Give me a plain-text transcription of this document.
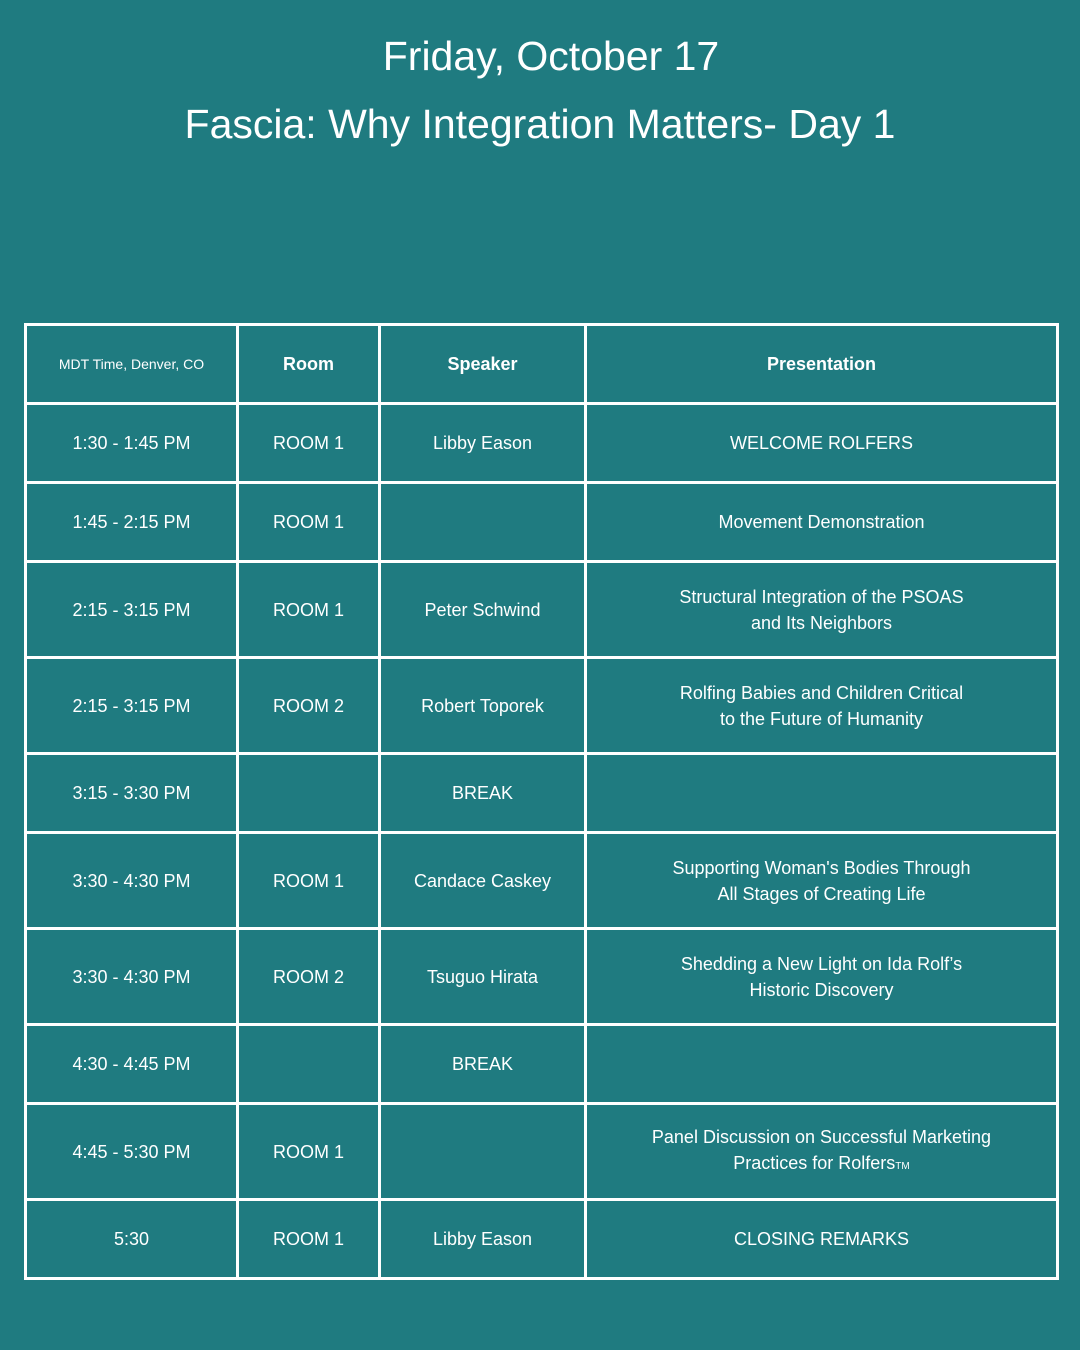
Friday, October 17
Fascia: Why Integration Matters- Day 1
MDT Time, Denver, CO	Room	Speaker	Presentation
1:30 - 1:45 PM	ROOM 1	Libby Eason	WELCOME ROLFERS

1:45 - 2:15 PM	ROOM 1		Movement Demonstration

2:15 - 3:15 PM	ROOM 1	Peter Schwind	Structural Integration of the PSOAS
and Its Neighbors

2:15 - 3:15 PM	ROOM 2	Robert Toporek	Rolfing Babies and Children Critical
to the Future of Humanity

3:15 - 3:30 PM		BREAK	

3:30 - 4:30 PM	ROOM 1	Candace Caskey	Supporting Woman's Bodies Through
All Stages of Creating Life

3:30 - 4:30 PM	ROOM 2	Tsuguo Hirata	Shedding a New Light on Ida Rolf’s
Historic Discovery

4:30 - 4:45 PM		BREAK	

4:45 - 5:30 PM	ROOM 1		Panel Discussion on Successful Marketing
Practices for RolfersTM

5:30	ROOM 1	Libby Eason	CLOSING REMARKS
